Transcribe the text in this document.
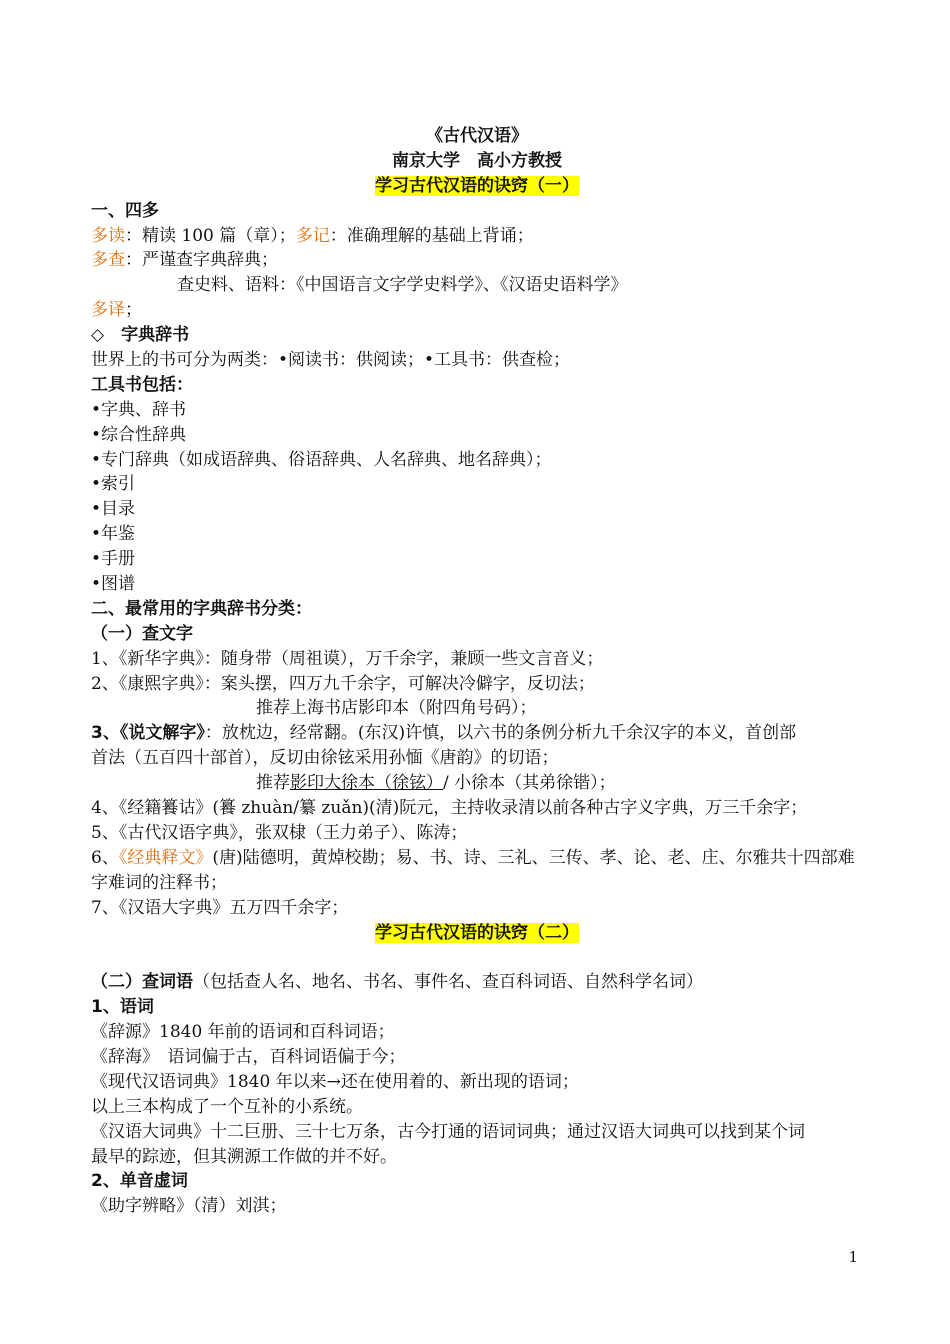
《古代汉语》
南京大学　高小方教授
学习古代汉语的诀窍（一）
一、四多
多读：精读 100 篇（章）；多记：准确理解的基础上背诵；
多查：严谨查字典辞典；
查史料、语料：《中国语言文字学史料学》、《汉语史语料学》
多译；
◇　字典辞书
世界上的书可分为两类：•阅读书：供阅读；•工具书：供查检；
工具书包括：
•字典、辞书
•综合性辞典
•专门辞典（如成语辞典、俗语辞典、人名辞典、地名辞典）；
•索引
•目录
•年鉴
•手册
•图谱
二、最常用的字典辞书分类：
（一）查文字
1、《新华字典》：随身带（周祖谟），万千余字，兼顾一些文言音义；
2、《康熙字典》：案头摆，四万九千余字，可解决冷僻字，反切法；
推荐上海书店影印本（附四角号码）；
3、《说文解字》：放枕边，经常翻。(东汉)许慎，以六书的条例分析九千余汉字的本义，首创部
首法（五百四十部首），反切由徐铉采用孙愐《唐韵》的切语；
推荐影印大徐本（徐铉）/ 小徐本（其弟徐锴）；
4、《经籍籑诂》(籑 zhuàn/纂 zuǎn)(清)阮元，主持收录清以前各种古字义字典，万三千余字；
5、《古代汉语字典》，张双棣（王力弟子）、陈涛；
6、《经典释文》(唐)陆德明，黄焯校勘；易、书、诗、三礼、三传、孝、论、老、庄、尔雅共十四部难
字难词的注释书；
7、《汉语大字典》五万四千余字；
学习古代汉语的诀窍（二）
（二）查词语（包括查人名、地名、书名、事件名、查百科词语、自然科学名词）
1、语词
《辞源》1840 年前的语词和百科词语；
《辞海》　语词偏于古，百科词语偏于今；
《现代汉语词典》1840 年以来→还在使用着的、新出现的语词；
以上三本构成了一个互补的小系统。
《汉语大词典》十二巨册、三十七万条，古今打通的语词词典；通过汉语大词典可以找到某个词
最早的踪迹，但其溯源工作做的并不好。
2、单音虚词
《助字辨略》（清）刘淇；
1
